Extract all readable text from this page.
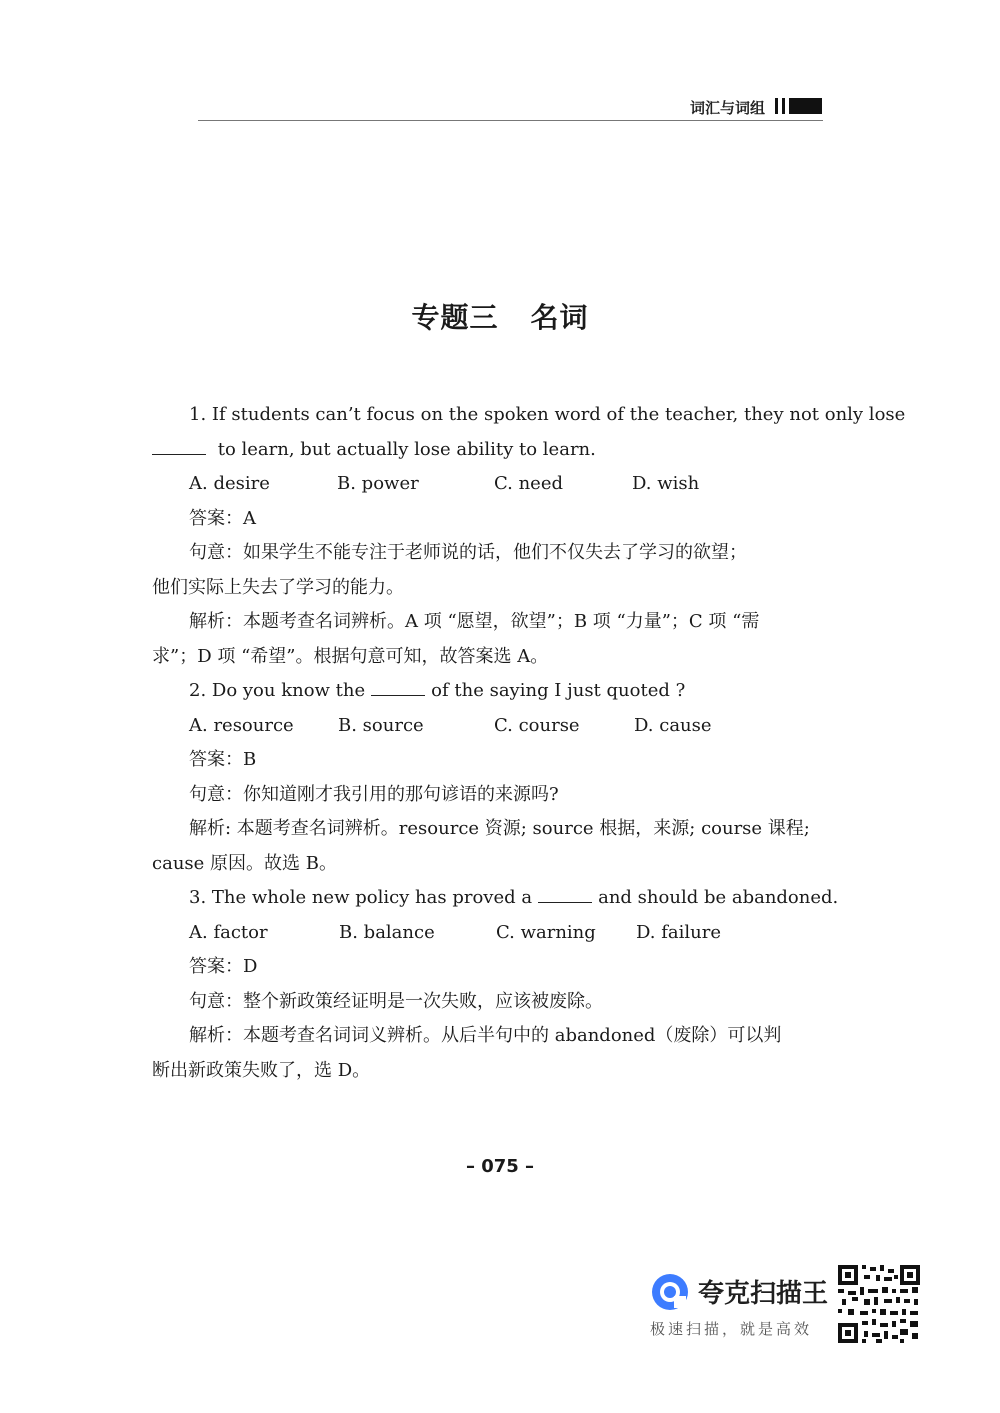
词汇与词组
专题三 名词
1. If students can’t focus on the spoken word of the teacher, they not only lose
to learn, but actually lose ability to learn.
A. desire	B. power	C. need	D. wish
答案：A
句意：如果学生不能专注于老师说的话，他们不仅失去了学习的欲望；
他们实际上失去了学习的能力。
解析：本题考查名词辨析。A 项 “愿望，欲望”；B 项 “力量”；C 项 “需
求”；D 项 “希望”。根据句意可知，故答案选 A。
2. Do you know the	of the saying I just quoted ?
A. resource B. source	C. course	D. cause
答案：B
句意：你知道刚才我引用的那句谚语的来源吗?
解析: 本题考查名词辨析。resource 资源; source 根据，来源; course 课程;
cause 原因。故选 B。
3. The whole new policy has proved a	and should be abandoned.
A. factor	B. balance	C. warning D. failure
答案：D
句意：整个新政策经证明是一次失败，应该被废除。
解析：本题考查名词词义辨析。从后半句中的 abandoned（废除）可以判
断出新政策失败了，选 D。
– 075 –
夸克扫描王
极速扫描，就是高效
